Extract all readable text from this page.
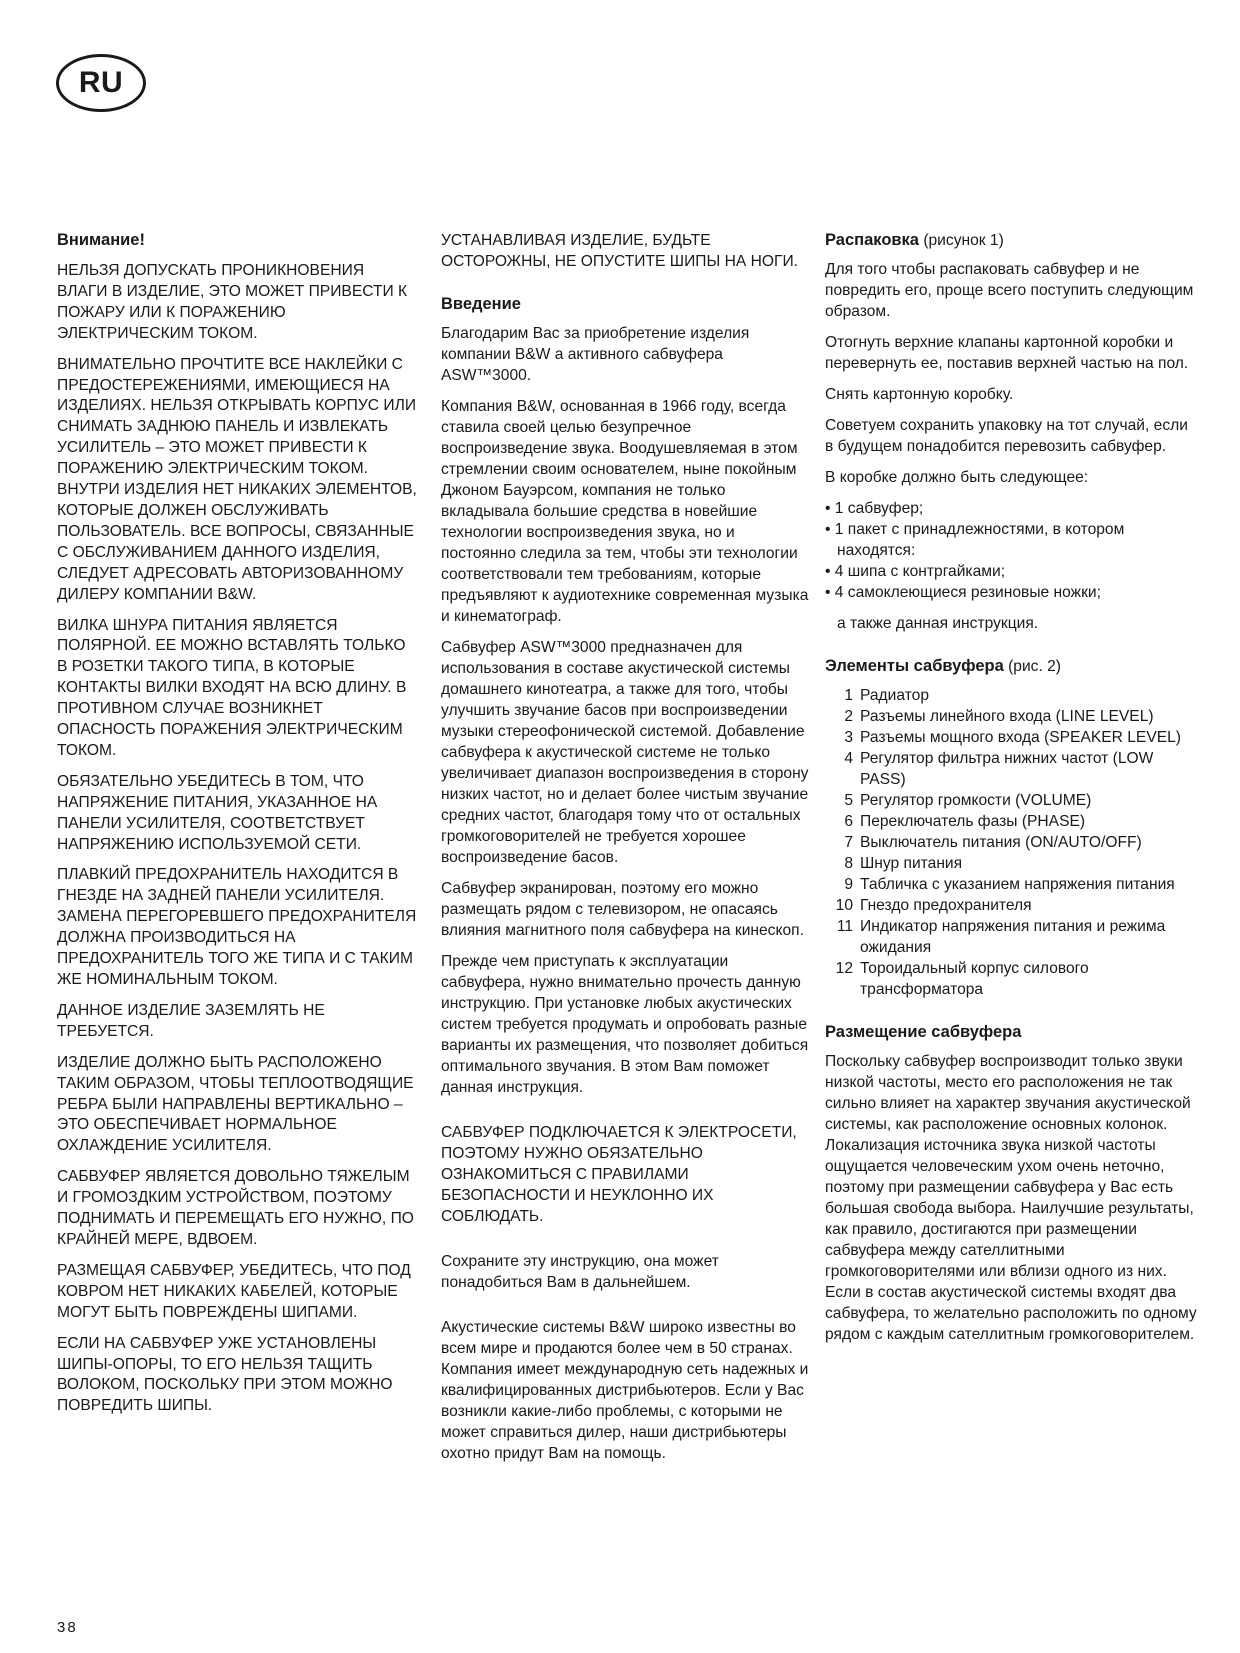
RU
Внимание!

НЕЛЬЗЯ ДОПУСКАТЬ ПРОНИКНОВЕНИЯ ВЛАГИ В ИЗДЕЛИЕ, ЭТО МОЖЕТ ПРИВЕСТИ К ПОЖАРУ ИЛИ К ПОРАЖЕНИЮ ЭЛЕКТРИЧЕСКИМ ТОКОМ.

ВНИМАТЕЛЬНО ПРОЧТИТЕ ВСЕ НАКЛЕЙКИ С ПРЕДОСТЕРЕЖЕНИЯМИ, ИМЕЮЩИЕСЯ НА ИЗДЕЛИЯХ. НЕЛЬЗЯ ОТКРЫВАТЬ КОРПУС ИЛИ СНИМАТЬ ЗАДНЮЮ ПАНЕЛЬ И ИЗВЛЕКАТЬ УСИЛИТЕЛЬ – ЭТО МОЖЕТ ПРИВЕСТИ К ПОРАЖЕНИЮ ЭЛЕКТРИЧЕСКИМ ТОКОМ. ВНУТРИ ИЗДЕЛИЯ НЕТ НИКАКИХ ЭЛЕМЕНТОВ, КОТОРЫЕ ДОЛЖЕН ОБСЛУЖИВАТЬ ПОЛЬЗОВАТЕЛЬ. ВСЕ ВОПРОСЫ, СВЯЗАННЫЕ С ОБСЛУЖИВАНИЕМ ДАННОГО ИЗДЕЛИЯ, СЛЕДУЕТ АДРЕСОВАТЬ АВТОРИЗОВАННОМУ ДИЛЕРУ КОМПАНИИ B&W.

ВИЛКА ШНУРА ПИТАНИЯ ЯВЛЯЕТСЯ ПОЛЯРНОЙ. ЕЕ МОЖНО ВСТАВЛЯТЬ ТОЛЬКО В РОЗЕТКИ ТАКОГО ТИПА, В КОТОРЫЕ КОНТАКТЫ ВИЛКИ ВХОДЯТ НА ВСЮ ДЛИНУ. В ПРОТИВНОМ СЛУЧАЕ ВОЗНИКНЕТ ОПАСНОСТЬ ПОРАЖЕНИЯ ЭЛЕКТРИЧЕСКИМ ТОКОМ.

ОБЯЗАТЕЛЬНО УБЕДИТЕСЬ В ТОМ, ЧТО НАПРЯЖЕНИЕ ПИТАНИЯ, УКАЗАННОЕ НА ПАНЕЛИ УСИЛИТЕЛЯ, СООТВЕТСТВУЕТ НАПРЯЖЕНИЮ ИСПОЛЬЗУЕМОЙ СЕТИ.

ПЛАВКИЙ ПРЕДОХРАНИТЕЛЬ НАХОДИТСЯ В ГНЕЗДЕ НА ЗАДНЕЙ ПАНЕЛИ УСИЛИТЕЛЯ. ЗАМЕНА ПЕРЕГОРЕВШЕГО ПРЕДОХРАНИТЕЛЯ ДОЛЖНА ПРОИЗВОДИТЬСЯ НА ПРЕДОХРАНИТЕЛЬ ТОГО ЖЕ ТИПА И С ТАКИМ ЖЕ НОМИНАЛЬНЫМ ТОКОМ.

ДАННОЕ ИЗДЕЛИЕ ЗАЗЕМЛЯТЬ НЕ ТРЕБУЕТСЯ.

ИЗДЕЛИЕ ДОЛЖНО БЫТЬ РАСПОЛОЖЕНО ТАКИМ ОБРАЗОМ, ЧТОБЫ ТЕПЛООТВОДЯЩИЕ РЕБРА БЫЛИ НАПРАВЛЕНЫ ВЕРТИКАЛЬНО – ЭТО ОБЕСПЕЧИВАЕТ НОРМАЛЬНОЕ ОХЛАЖДЕНИЕ УСИЛИТЕЛЯ.

САБВУФЕР ЯВЛЯЕТСЯ ДОВОЛЬНО ТЯЖЕЛЫМ И ГРОМОЗДКИМ УСТРОЙСТВОМ, ПОЭТОМУ ПОДНИМАТЬ И ПЕРЕМЕЩАТЬ ЕГО НУЖНО, ПО КРАЙНЕЙ МЕРЕ, ВДВОЕМ.

РАЗМЕЩАЯ САБВУФЕР, УБЕДИТЕСЬ, ЧТО ПОД КОВРОМ НЕТ НИКАКИХ КАБЕЛЕЙ, КОТОРЫЕ МОГУТ БЫТЬ ПОВРЕЖДЕНЫ ШИПАМИ.

ЕСЛИ НА САБВУФЕР УЖЕ УСТАНОВЛЕНЫ ШИПЫ-ОПОРЫ, ТО ЕГО НЕЛЬЗЯ ТАЩИТЬ ВОЛОКОМ, ПОСКОЛЬКУ ПРИ ЭТОМ МОЖНО ПОВРЕДИТЬ ШИПЫ.

УСТАНАВЛИВАЯ ИЗДЕЛИЕ, БУДЬТЕ ОСТОРОЖНЫ, НЕ ОПУСТИТЕ ШИПЫ НА НОГИ.

Введение

Благодарим Вас за приобретение изделия компании B&W а активного сабвуфера ASW™3000.

Компания B&W, основанная в 1966 году, всегда ставила своей целью безупречное воспроизведение звука. Воодушевляемая в этом стремлении своим основателем, ныне покойным Джоном Бауэрсом, компания не только вкладывала большие средства в новейшие технологии воспроизведения звука, но и постоянно следила за тем, чтобы эти технологии соответствовали тем требованиям, которые предъявляют к аудиотехнике современная музыка и кинематограф.

Сабвуфер ASW™3000 предназначен для использования в составе акустической системы домашнего кинотеатра, а также для того, чтобы улучшить звучание басов при воспроизведении музыки стереофонической системой. Добавление сабвуфера к акустической системе не только увеличивает диапазон воспроизведения в сторону низких частот, но и делает более чистым звучание средних частот, благодаря тому что от остальных громкоговорителей не требуется хорошее воспроизведение басов.

Сабвуфер экранирован, поэтому его можно размещать рядом с телевизором, не опасаясь влияния магнитного поля сабвуфера на кинескоп.

Прежде чем приступать к эксплуатации сабвуфера, нужно внимательно прочесть данную инструкцию. При установке любых акустических систем требуется продумать и опробовать разные варианты их размещения, что позволяет добиться оптимального звучания. В этом Вам поможет данная инструкция.

САБВУФЕР ПОДКЛЮЧАЕТСЯ К ЭЛЕКТРОСЕТИ, ПОЭТОМУ НУЖНО ОБЯЗАТЕЛЬНО ОЗНАКОМИТЬСЯ С ПРАВИЛАМИ БЕЗОПАСНОСТИ И НЕУКЛОННО ИХ СОБЛЮДАТЬ.

Сохраните эту инструкцию, она может понадобиться Вам в дальнейшем.

Акустические системы B&W широко известны во всем мире и продаются более чем в 50 странах. Компания имеет международную сеть надежных и квалифицированных дистрибьютеров. Если у Вас возникли какие-либо проблемы, с которыми не может справиться дилер, наши дистрибьютеры охотно придут Вам на помощь.

Распаковка (рисунок 1)

Для того чтобы распаковать сабвуфер и не повредить его, проще всего поступить следующим образом.

Отогнуть верхние клапаны картонной коробки и перевернуть ее, поставив верхней частью на пол.

Снять картонную коробку.

Советуем сохранить упаковку на тот случай, если в будущем понадобится перевозить сабвуфер.

В коробке должно быть следующее:

• 1 сабвуфер;
• 1 пакет с принадлежностями, в котором находятся:
• 4 шипа с контргайками;
• 4 самоклеющиеся резиновые ножки;

а также данная инструкция.

Элементы сабвуфера (рис. 2)
1 Радиатор
2 Разъемы линейного входа (LINE LEVEL)
3 Разъемы мощного входа (SPEAKER LEVEL)
4 Регулятор фильтра нижних частот (LOW PASS)
5 Регулятор громкости (VOLUME)
6 Переключатель фазы (PHASE)
7 Выключатель питания (ON/AUTO/OFF)
8 Шнур питания
9 Табличка с указанием напряжения питания
10 Гнездо предохранителя
11 Индикатор напряжения питания и режима ожидания
12 Тороидальный корпус силового трансформатора
Размещение сабвуфера

Поскольку сабвуфер воспроизводит только звуки низкой частоты, место его расположения не так сильно влияет на характер звучания акустической системы, как расположение основных колонок. Локализация источника звука низкой частоты ощущается человеческим ухом очень неточно, поэтому при размещении сабвуфера у Вас есть большая свобода выбора. Наилучшие результаты, как правило, достигаются при размещении сабвуфера между сателлитными громкоговорителями или вблизи одного из них. Если в состав акустической системы входят два сабвуфера, то желательно расположить по одному рядом с каждым сателлитным громкоговорителем.

38
